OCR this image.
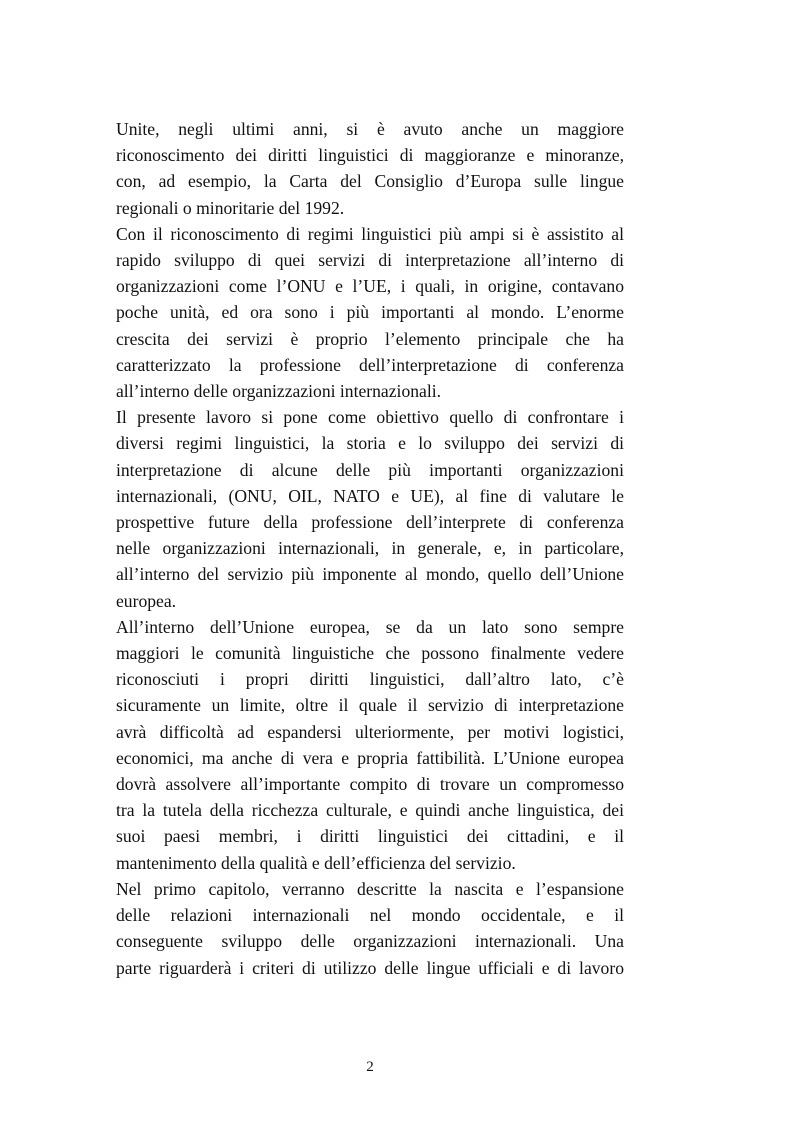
Unite, negli ultimi anni, si è avuto anche un maggiore
riconoscimento dei diritti linguistici di maggioranze e minoranze,
con, ad esempio, la Carta del Consiglio d’Europa sulle lingue
regionali o minoritarie del 1992.
Con il riconoscimento di regimi linguistici più ampi si è assistito al
rapido sviluppo di quei servizi di interpretazione all’interno di
organizzazioni come l’ONU e l’UE, i quali, in origine, contavano
poche unità, ed ora sono i più importanti al mondo. L’enorme
crescita dei servizi è proprio l’elemento principale che ha
caratterizzato la professione dell’interpretazione di conferenza
all’interno delle organizzazioni internazionali.
Il presente lavoro si pone come obiettivo quello di confrontare i
diversi regimi linguistici, la storia e lo sviluppo dei servizi di
interpretazione di alcune delle più importanti organizzazioni
internazionali, (ONU, OIL, NATO e UE), al fine di valutare le
prospettive future della professione dell’interprete di conferenza
nelle organizzazioni internazionali, in generale, e, in particolare,
all’interno del servizio più imponente al mondo, quello dell’Unione
europea.
All’interno dell’Unione europea, se da un lato sono sempre
maggiori le comunità linguistiche che possono finalmente vedere
riconosciuti i propri diritti linguistici, dall’altro lato, c’è
sicuramente un limite, oltre il quale il servizio di interpretazione
avrà difficoltà ad espandersi ulteriormente, per motivi logistici,
economici, ma anche di vera e propria fattibilità. L’Unione europea
dovrà assolvere all’importante compito di trovare un compromesso
tra la tutela della ricchezza culturale, e quindi anche linguistica, dei
suoi paesi membri, i diritti linguistici dei cittadini, e il
mantenimento della qualità e dell’efficienza del servizio.
Nel primo capitolo, verranno descritte la nascita e l’espansione
delle relazioni internazionali nel mondo occidentale, e il
conseguente sviluppo delle organizzazioni internazionali. Una
parte riguarderà i criteri di utilizzo delle lingue ufficiali e di lavoro
2
